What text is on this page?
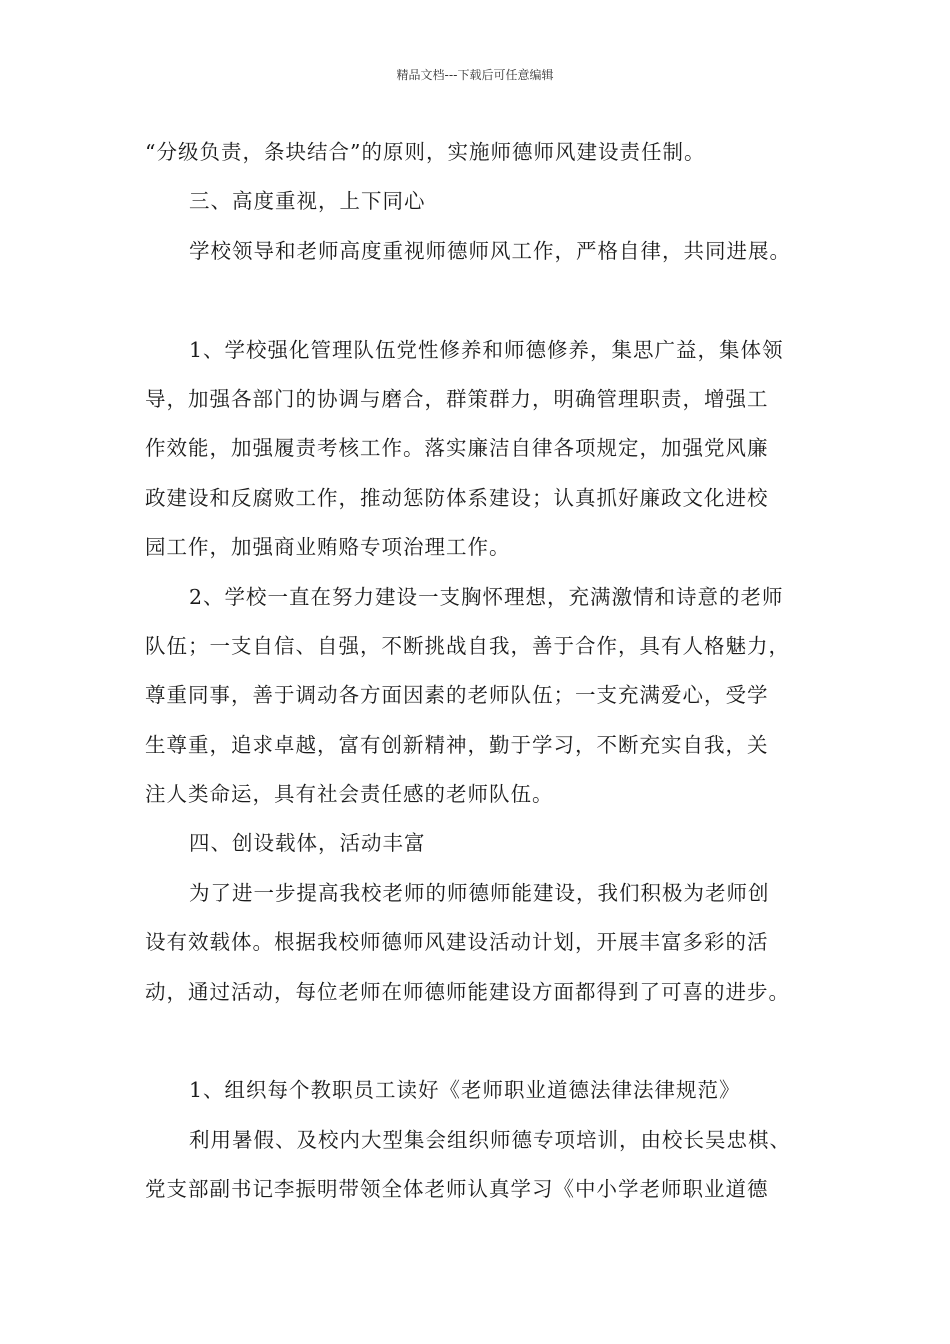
精品文档---下载后可任意编辑
“分级负责，条块结合”的原则，实施师德师风建设责任制。
三、高度重视，上下同心
学校领导和老师高度重视师德师风工作，严格自律，共同进展。
1、学校强化管理队伍党性修养和师德修养，集思广益，集体领
导，加强各部门的协调与磨合，群策群力，明确管理职责，增强工
作效能，加强履责考核工作。落实廉洁自律各项规定，加强党风廉
政建设和反腐败工作，推动惩防体系建设；认真抓好廉政文化进校
园工作，加强商业贿赂专项治理工作。
2、学校一直在努力建设一支胸怀理想，充满激情和诗意的老师
队伍；一支自信、自强，不断挑战自我，善于合作，具有人格魅力，
尊重同事，善于调动各方面因素的老师队伍；一支充满爱心，受学
生尊重，追求卓越，富有创新精神，勤于学习，不断充实自我，关
注人类命运，具有社会责任感的老师队伍。
四、创设载体，活动丰富
为了进一步提高我校老师的师德师能建设，我们积极为老师创
设有效载体。根据我校师德师风建设活动计划，开展丰富多彩的活
动，通过活动，每位老师在师德师能建设方面都得到了可喜的进步。
1、组织每个教职员工读好《老师职业道德法律法律规范》
利用暑假、及校内大型集会组织师德专项培训，由校长吴忠棋、
党支部副书记李振明带领全体老师认真学习《中小学老师职业道德
